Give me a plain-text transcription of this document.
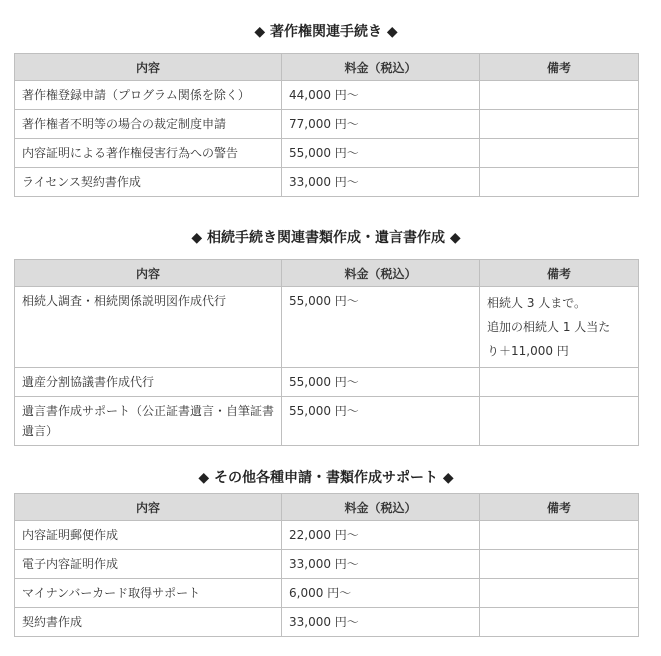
◆ 著作権関連手続き ◆
内容	料金（税込）	備考
著作権登録申請（プログラム関係を除く）	44,000 円～	
著作権者不明等の場合の裁定制度申請	77,000 円～	
内容証明による著作権侵害行為への警告	55,000 円～	
ライセンス契約書作成	33,000 円～	
◆ 相続手続き関連書類作成・遺言書作成 ◆
内容	料金（税込）	備考
相続人調査・相続関係説明図作成代行	55,000 円～	相続人 3 人まで。
追加の相続人 1 人当た
り＋11,000 円

遺産分割協議書作成代行	55,000 円～	
遺言書作成サポート（公正証書遺言・自筆証書遺言）	55,000 円～	
◆ その他各種申請・書類作成サポート ◆
内容	料金（税込）	備考
内容証明郵便作成	22,000 円～	
電子内容証明作成	33,000 円～	
マイナンバーカード取得サポート	6,000 円～	
契約書作成	33,000 円～	
